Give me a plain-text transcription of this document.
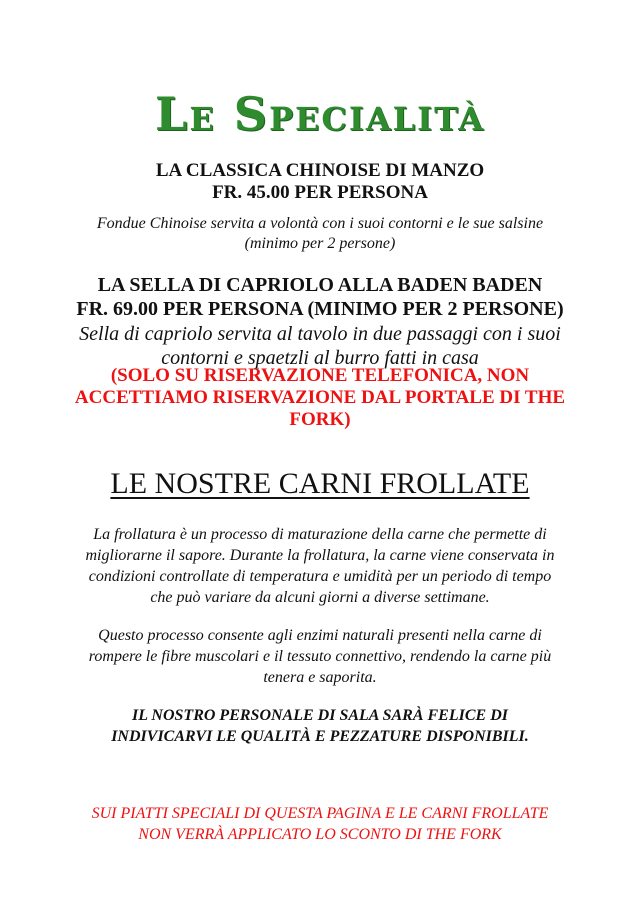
Le Specialità
LA CLASSICA CHINOISE DI MANZO
FR. 45.00 PER PERSONA
Fondue Chinoise servita a volontà con i suoi contorni e le sue salsine
(minimo per 2 persone)
LA SELLA DI CAPRIOLO ALLA BADEN BADEN
FR. 69.00 PER PERSONA (MINIMO PER 2 PERSONE)
Sella di capriolo servita al tavolo in due passaggi con i suoi
contorni e spaetzli al burro fatti in casa
(SOLO SU RISERVAZIONE TELEFONICA, NON
ACCETTIAMO RISERVAZIONE DAL PORTALE DI THE
FORK)
LE NOSTRE CARNI FROLLATE
La frollatura è un processo di maturazione della carne che permette di
migliorarne il sapore. Durante la frollatura, la carne viene conservata in
condizioni controllate di temperatura e umidità per un periodo di tempo
che può variare da alcuni giorni a diverse settimane.
Questo processo consente agli enzimi naturali presenti nella carne di
rompere le fibre muscolari e il tessuto connettivo, rendendo la carne più
tenera e saporita.
IL NOSTRO PERSONALE DI SALA SARÀ FELICE DI
INDIVICARVI LE QUALITÀ E PEZZATURE DISPONIBILI.
SUI PIATTI SPECIALI DI QUESTA PAGINA E LE CARNI FROLLATE
NON VERRÀ APPLICATO LO SCONTO DI THE FORK
